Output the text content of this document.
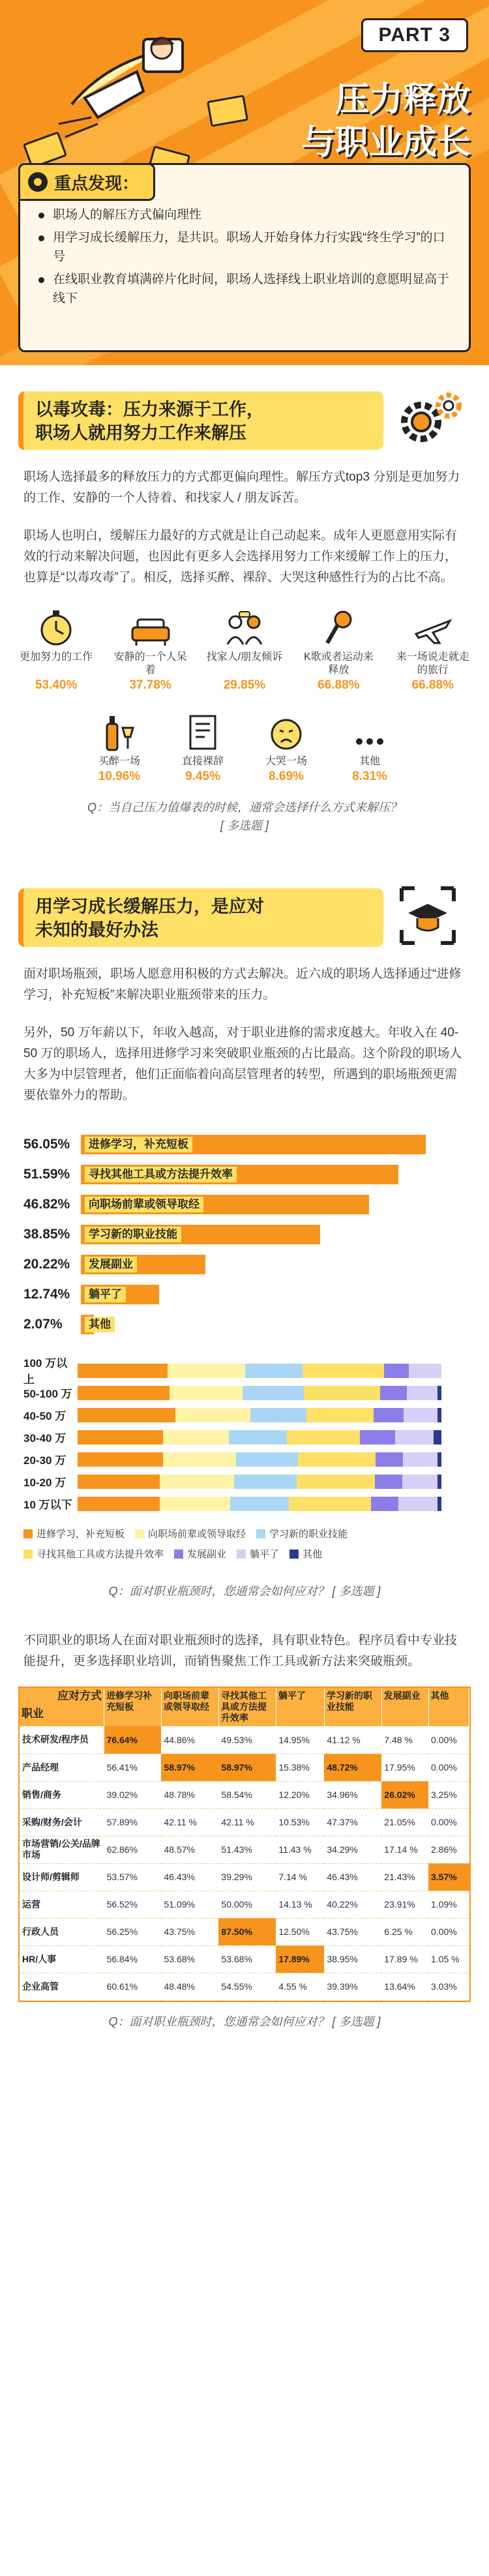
PART 3
压力释放
与职业成长
重点发现：
职场人的解压方式偏向理性
用学习成长缓解压力，是共识。职场人开始身体力行实践“终生学习”的口号
在线职业教育填满碎片化时间，职场人选择线上职业培训的意愿明显高于线下
以毒攻毒：压力来源于工作，
职场人就用努力工作来解压

职场人选择最多的释放压力的方式都更偏向理性。解压方式top3 分别是更加努力的工作、安静的一个人待着、和找家人 / 朋友诉苦。

职场人也明白，缓解压力最好的方式就是让自己动起来。成年人更愿意用实际有效的行动来解决问题，也因此有更多人会选择用努力工作来缓解工作上的压力，也算是“以毒攻毒”了。相反，选择买醉、裸辞、大哭这种感性行为的占比不高。

更加努力的工作
53.40%
安静的一个人呆着
37.78%
找家人/朋友倾诉
29.85%
K歌或者运动来释放
66.88%
来一场说走就走的旅行
66.88%
买醉一场
10.96%
直接裸辞
9.45%
大哭一场
8.69%
其他
8.31%
Q：当自己压力值爆表的时候，通常会选择什么方式来解压？
[ 多选题 ]
用学习成长缓解压力，是应对
未知的最好办法

面对职场瓶颈，职场人愿意用积极的方式去解决。近六成的职场人选择通过“进修学习，补充短板”来解决职业瓶颈带来的压力。

另外，50 万年薪以下，年收入越高，对于职业进修的需求度越大。年收入在 40-50 万的职场人，选择用进修学习来突破职业瓶颈的占比最高。这个阶段的职场人大多为中层管理者，他们正面临着向高层管理者的转型，所遇到的职场瓶颈更需要依靠外力的帮助。

56.05%	进修学习，补充短板
51.59%	寻找其他工具或方法提升效率
46.82%	向职场前辈或领导取经
38.85%	学习新的职业技能
20.22%	发展副业
12.74%	躺平了
2.07%	其他
100 万以上
50-100 万
40-50 万
30-40 万
20-30 万
10-20 万
10 万以下
进修学习，补充短板 向职场前辈或领导取经 学习新的职业技能
寻找其他工具或方法提升效率 发展副业 躺平了 其他
Q：面对职业瓶颈时，您通常会如何应对？ [ 多选题 ]

不同职业的职场人在面对职业瓶颈时的选择，具有职业特色。程序员看中专业技能提升，更多选择职业培训，而销售聚焦工作工具或新方法来突破瓶颈。

应对方式
职业	进修学习补充短板	向职场前辈或领导取经	寻找其他工具或方法提升效率	躺平了	学习新的职业技能	发展副业	其他
技术研发/程序员	76.64%	44.86%	49.53%	14.95%	41.12 %	7.48 %	0.00%
产品经理	56.41%	58.97%	58.97%	15.38%	48.72%	17.95%	0.00%
销售/商务	39.02%	48.78%	58.54%	12.20%	34.96%	26.02%	3.25%
采购/财务/会计	57.89%	42.11 %	42.11 %	10.53%	47.37%	21.05%	0.00%
市场营销/公关/品牌市场	62.86%	48.57%	51.43%	11.43 %	34.29%	17.14 %	2.86%
设计师/剪辑师	53.57%	46.43%	39.29%	7.14 %	46.43%	21.43%	3.57%
运营	56.52%	51.09%	50.00%	14.13 %	40.22%	23.91%	1.09%
行政人员	56.25%	43.75%	87.50%	12.50%	43.75%	6.25 %	0.00%
HR/人事	56.84%	53.68%	53.68%	17.89%	38.95%	17.89 %	1.05 %
企业高管	60.61%	48.48%	54.55%	4.55 %	39.39%	13.64%	3.03%
Q：面对职业瓶颈时，您通常会如何应对？ [ 多选题 ]
